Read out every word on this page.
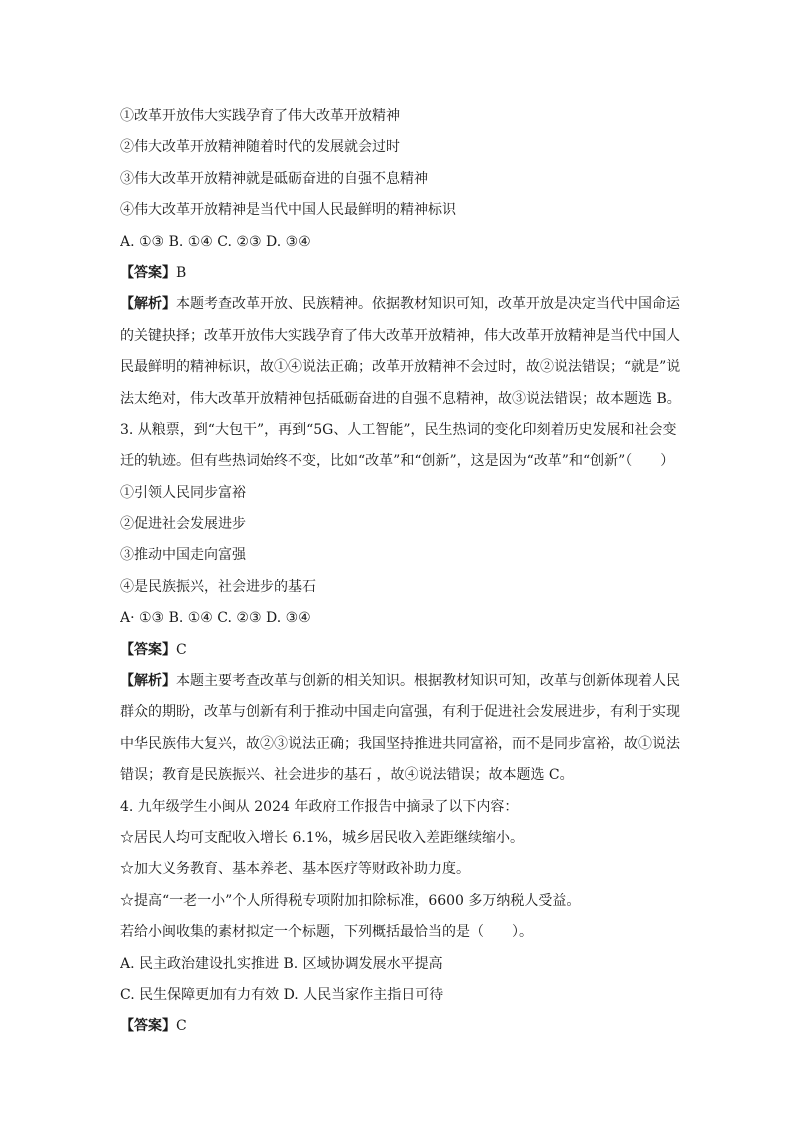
①改革开放伟大实践孕育了伟大改革开放精神
②伟大改革开放精神随着时代的发展就会过时
③伟大改革开放精神就是砥砺奋进的自强不息精神
④伟大改革开放精神是当代中国人民最鲜明的精神标识
A. ①③ B. ①④ C. ②③ D. ③④
【答案】B
【解析】本题考查改革开放、民族精神。依据教材知识可知，改革开放是决定当代中国命运
的关键抉择；改革开放伟大实践孕育了伟大改革开放精神，伟大改革开放精神是当代中国人
民最鲜明的精神标识，故①④说法正确；改革开放精神不会过时，故②说法错误；“就是”说
法太绝对，伟大改革开放精神包括砥砺奋进的自强不息精神，故③说法错误；故本题选 B。
3. 从粮票，到“大包干”，再到“5G、人工智能”，民生热词的变化印刻着历史发展和社会变
迁的轨迹。但有些热词始终不变，比如“改革”和“创新”，这是因为“改革”和“创新”（　　）
①引领人民同步富裕
②促进社会发展进步
③推动中国走向富强
④是民族振兴，社会进步的基石
A· ①③ B. ①④ C. ②③ D. ③④
【答案】C
【解析】本题主要考查改革与创新的相关知识。根据教材知识可知，改革与创新体现着人民
群众的期盼，改革与创新有利于推动中国走向富强，有利于促进社会发展进步，有利于实现
中华民族伟大复兴，故②③说法正确；我国坚持推进共同富裕，而不是同步富裕，故①说法
错误；教育是民族振兴、社会进步的基石 ，故④说法错误；故本题选 C。
4. 九年级学生小闽从 2024 年政府工作报告中摘录了以下内容：
☆居民人均可支配收入增长 6.1%，城乡居民收入差距继续缩小。
☆加大义务教育、基本养老、基本医疗等财政补助力度。
☆提高“一老一小”个人所得税专项附加扣除标准，6600 多万纳税人受益。
若给小闽收集的素材拟定一个标题，下列概括最恰当的是（　　）。
A. 民主政治建设扎实推进 B. 区域协调发展水平提高
C. 民生保障更加有力有效 D. 人民当家作主指日可待
【答案】C
